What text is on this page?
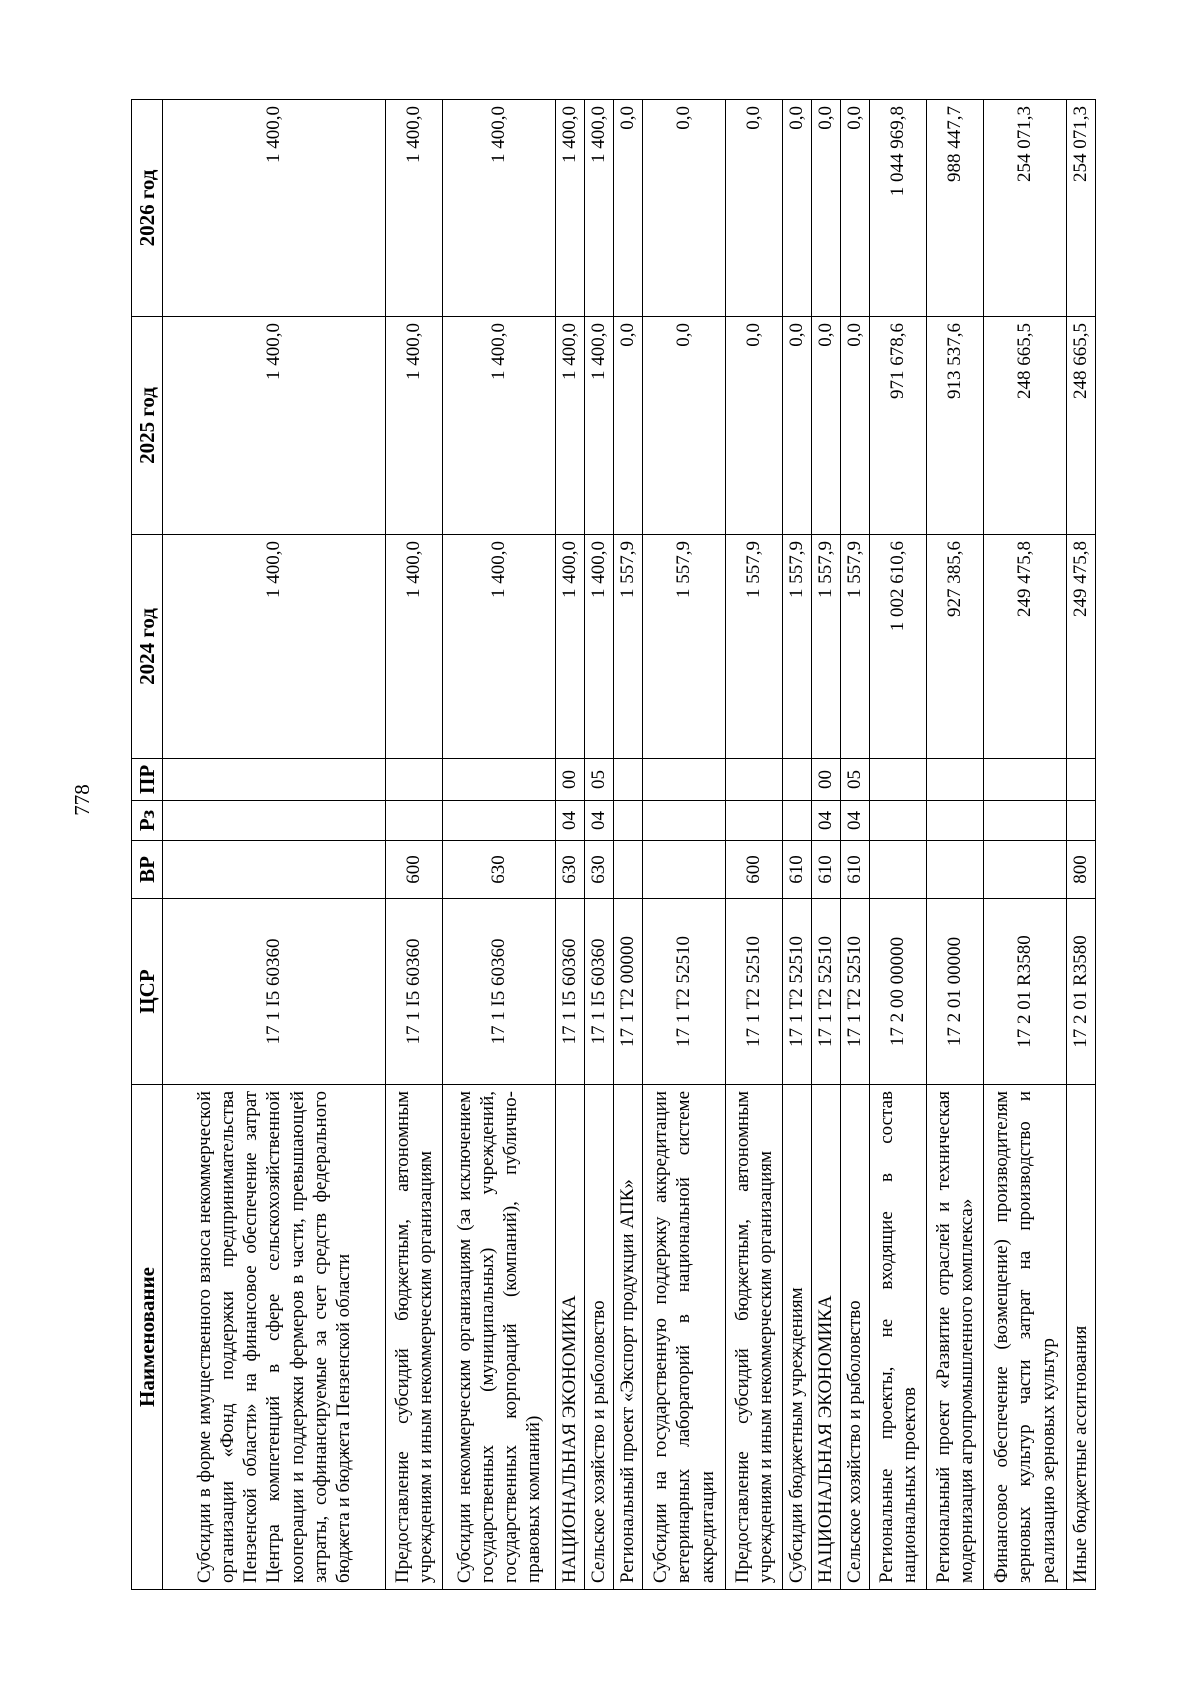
778
Наименование	ЦСР	ВР	Рз	ПР	2024 год	2025 год	2026 год
Субсидии в форме имущественного взноса некоммерческой организации «Фонд поддержки предпринимательства Пензенской области» на финансовое обеспечение затрат Центра компетенций в сфере сельскохозяйственной кооперации и поддержки фермеров в части, превышающей затраты, софинансируемые за счет средств федерального бюджета и бюджета Пензенской области	17 1 I5 60360				1 400,0	1 400,0	1 400,0
Предоставление субсидий бюджетным, автономным учреждениям и иным некоммерческим организациям	17 1 I5 60360	600			1 400,0	1 400,0	1 400,0
Субсидии некоммерческим организациям (за исключением государственных (муниципальных) учреждений, государственных корпораций (компаний), публично-правовых компаний)	17 1 I5 60360	630			1 400,0	1 400,0	1 400,0
НАЦИОНАЛЬНАЯ ЭКОНОМИКА	17 1 I5 60360	630	04	00	1 400,0	1 400,0	1 400,0
Сельское хозяйство и рыболовство	17 1 I5 60360	630	04	05	1 400,0	1 400,0	1 400,0
Региональный проект «Экспорт продукции АПК»	17 1 T2 00000				1 557,9	0,0	0,0
Субсидии на государственную поддержку аккредитации ветеринарных лабораторий в национальной системе аккредитации	17 1 T2 52510				1 557,9	0,0	0,0
Предоставление субсидий бюджетным, автономным учреждениям и иным некоммерческим организациям	17 1 T2 52510	600			1 557,9	0,0	0,0
Субсидии бюджетным учреждениям	17 1 T2 52510	610			1 557,9	0,0	0,0
НАЦИОНАЛЬНАЯ ЭКОНОМИКА	17 1 T2 52510	610	04	00	1 557,9	0,0	0,0
Сельское хозяйство и рыболовство	17 1 T2 52510	610	04	05	1 557,9	0,0	0,0
Региональные проекты, не входящие в состав национальных проектов	17 2 00 00000				1 002 610,6	971 678,6	1 044 969,8
Региональный проект «Развитие отраслей и техническая модернизация агропромышленного комплекса»	17 2 01 00000				927 385,6	913 537,6	988 447,7
Финансовое обеспечение (возмещение) производителям зерновых культур части затрат на производство и реализацию зерновых культур	17 2 01 R3580				249 475,8	248 665,5	254 071,3
Иные бюджетные ассигнования	17 2 01 R3580	800			249 475,8	248 665,5	254 071,3
